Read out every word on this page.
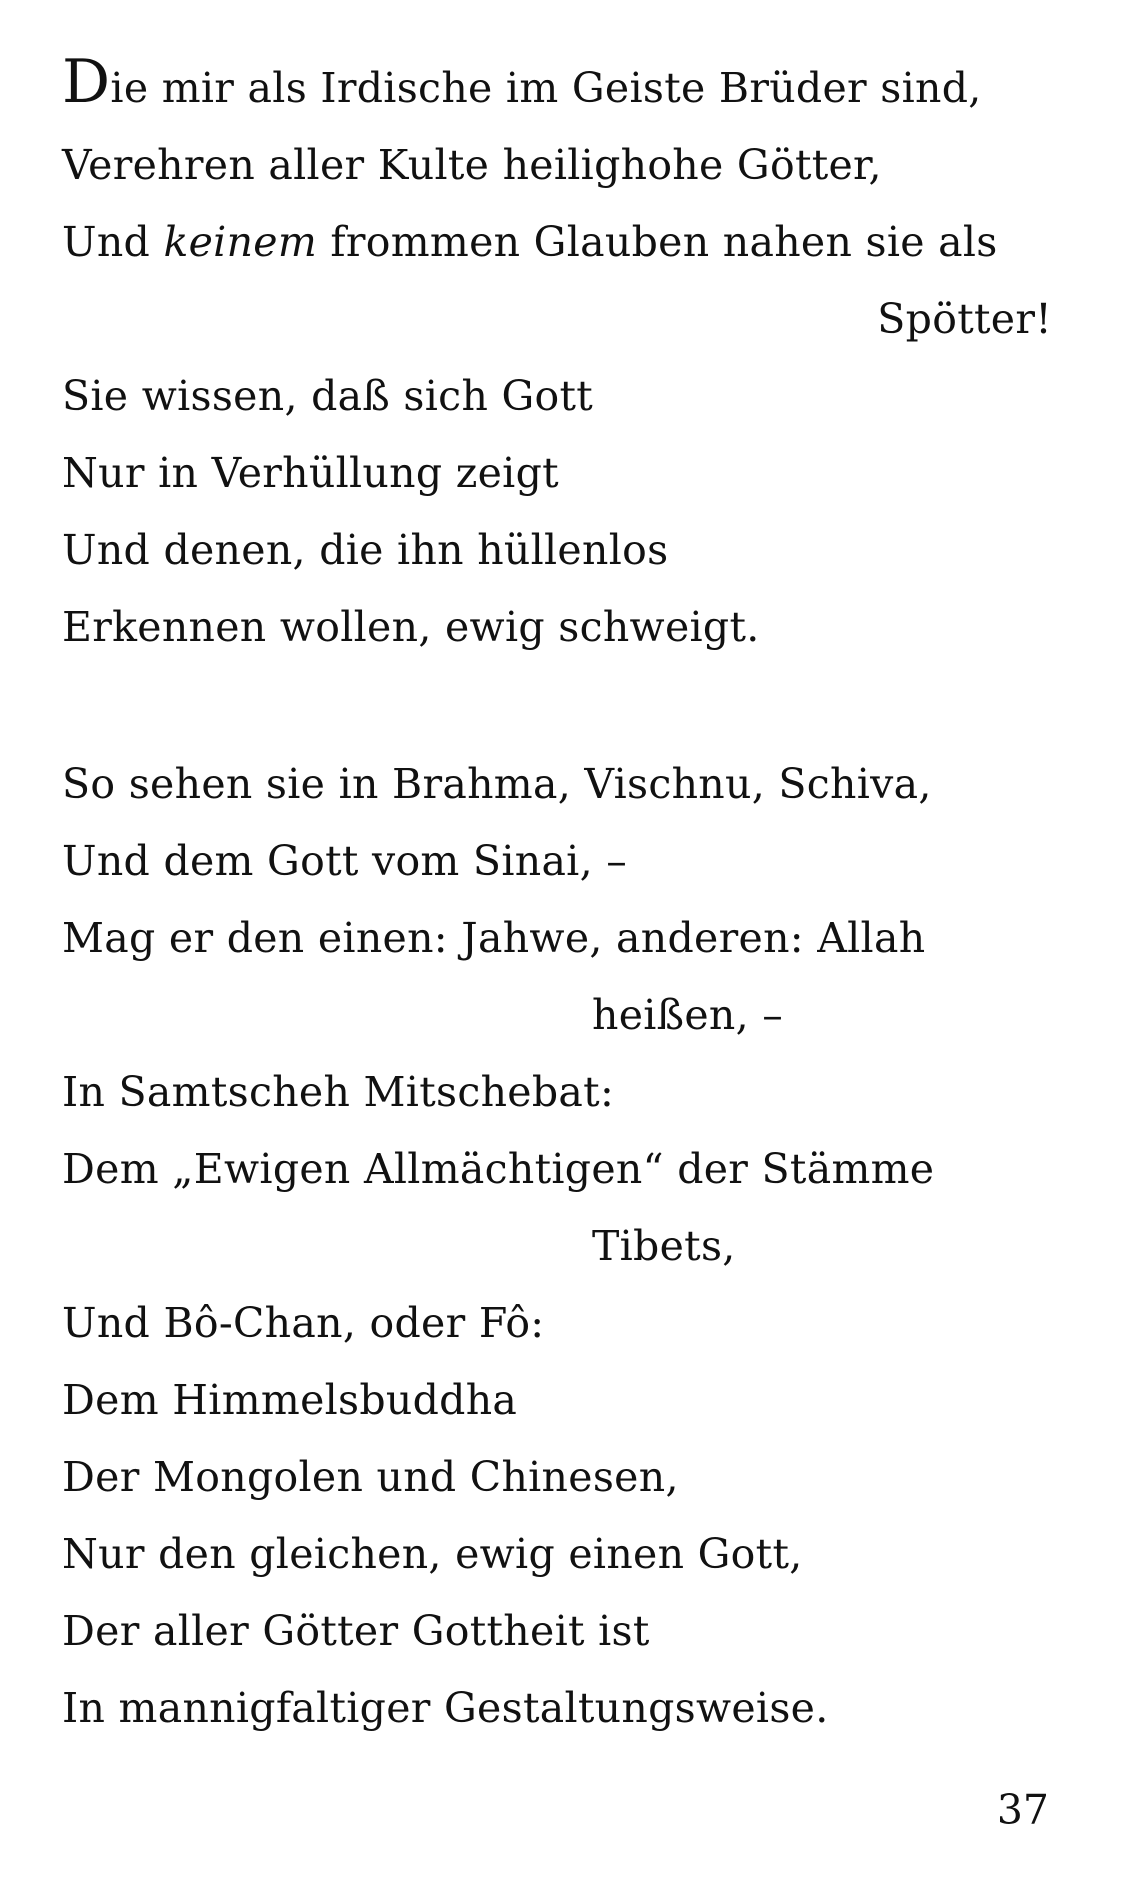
Die mir als Irdische im Geiste Brüder sind,
Verehren aller Kulte heilighohe Götter,
Und keinem frommen Glauben nahen sie als
Spötter!
Sie wissen, daß sich Gott
Nur in Verhüllung zeigt
Und denen, die ihn hüllenlos
Erkennen wollen, ewig schweigt.
So sehen sie in Brahma, Vischnu, Schiva,
Und dem Gott vom Sinai, –
Mag er den einen: Jahwe, anderen: Allah
heißen, –
In Samtscheh Mitschebat:
Dem „Ewigen Allmächtigen“ der Stämme
Tibets,
Und Bô-Chan, oder Fô:
Dem Himmelsbuddha
Der Mongolen und Chinesen,
Nur den gleichen, ewig einen Gott,
Der aller Götter Gottheit ist
In mannigfaltiger Gestaltungsweise.
37
